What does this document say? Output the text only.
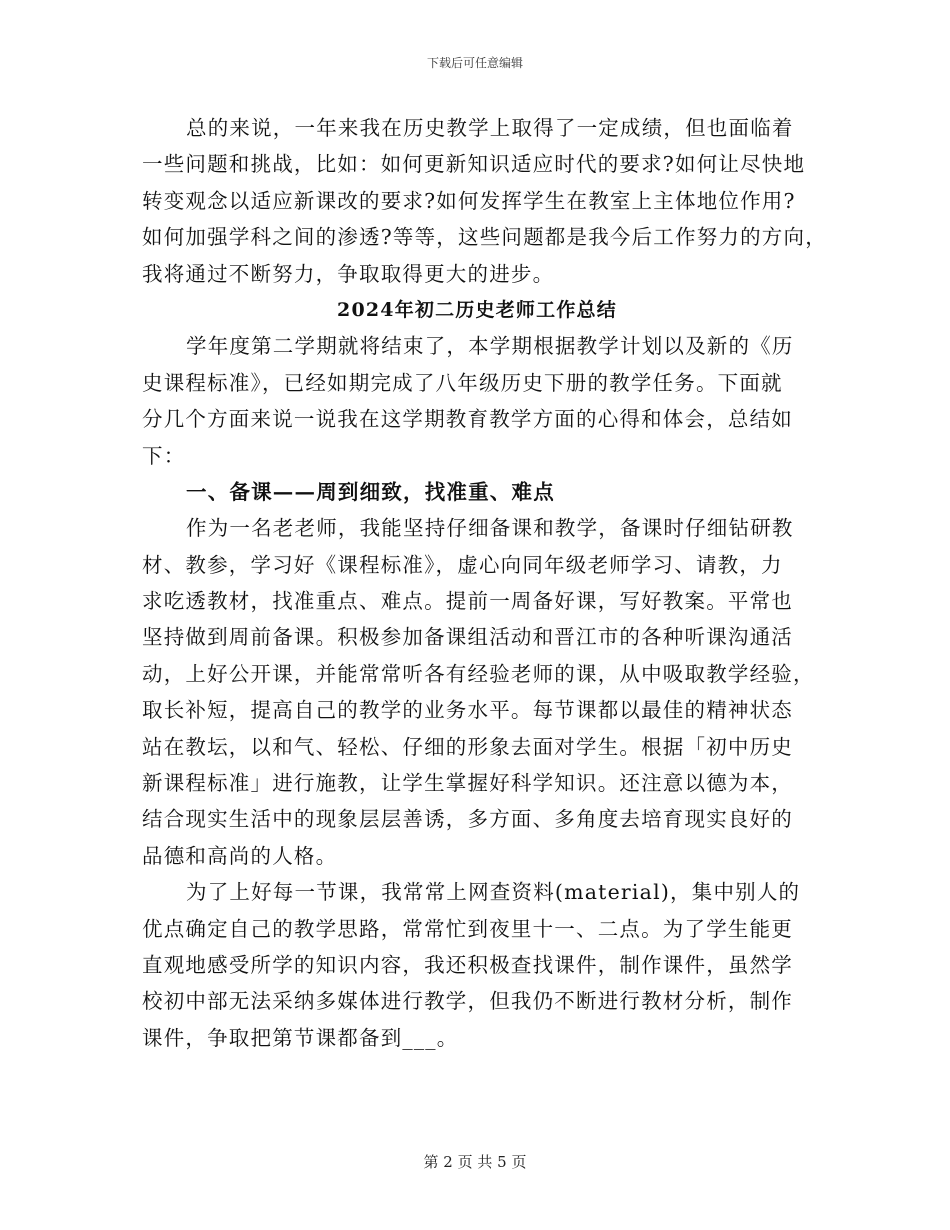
下载后可任意编辑
总的来说，一年来我在历史教学上取得了一定成绩，但也面临着
一些问题和挑战，比如：如何更新知识适应时代的要求?如何让尽快地
转变观念以适应新课改的要求?如何发挥学生在教室上主体地位作用?
如何加强学科之间的渗透?等等，这些问题都是我今后工作努力的方向，
我将通过不断努力，争取取得更大的进步。
2024年初二历史老师工作总结
学年度第二学期就将结束了，本学期根据教学计划以及新的《历
史课程标准》，已经如期完成了八年级历史下册的教学任务。下面就
分几个方面来说一说我在这学期教育教学方面的心得和体会，总结如
下：
一、备课——周到细致，找准重、难点
作为一名老老师，我能坚持仔细备课和教学，备课时仔细钻研教
材、教参，学习好《课程标准》，虚心向同年级老师学习、请教，力
求吃透教材，找准重点、难点。提前一周备好课，写好教案。平常也
坚持做到周前备课。积极参加备课组活动和晋江市的各种听课沟通活
动，上好公开课，并能常常听各有经验老师的课，从中吸取教学经验，
取长补短，提高自己的教学的业务水平。每节课都以最佳的精神状态
站在教坛，以和气、轻松、仔细的形象去面对学生。根据「初中历史
新课程标准」进行施教，让学生掌握好科学知识。还注意以德为本，
结合现实生活中的现象层层善诱，多方面、多角度去培育现实良好的
品德和高尚的人格。
为了上好每一节课，我常常上网查资料(material)，集中别人的
优点确定自己的教学思路，常常忙到夜里十一、二点。为了学生能更
直观地感受所学的知识内容，我还积极查找课件，制作课件，虽然学
校初中部无法采纳多媒体进行教学，但我仍不断进行教材分析，制作
课件，争取把第节课都备到___。
第 2 页 共 5 页
